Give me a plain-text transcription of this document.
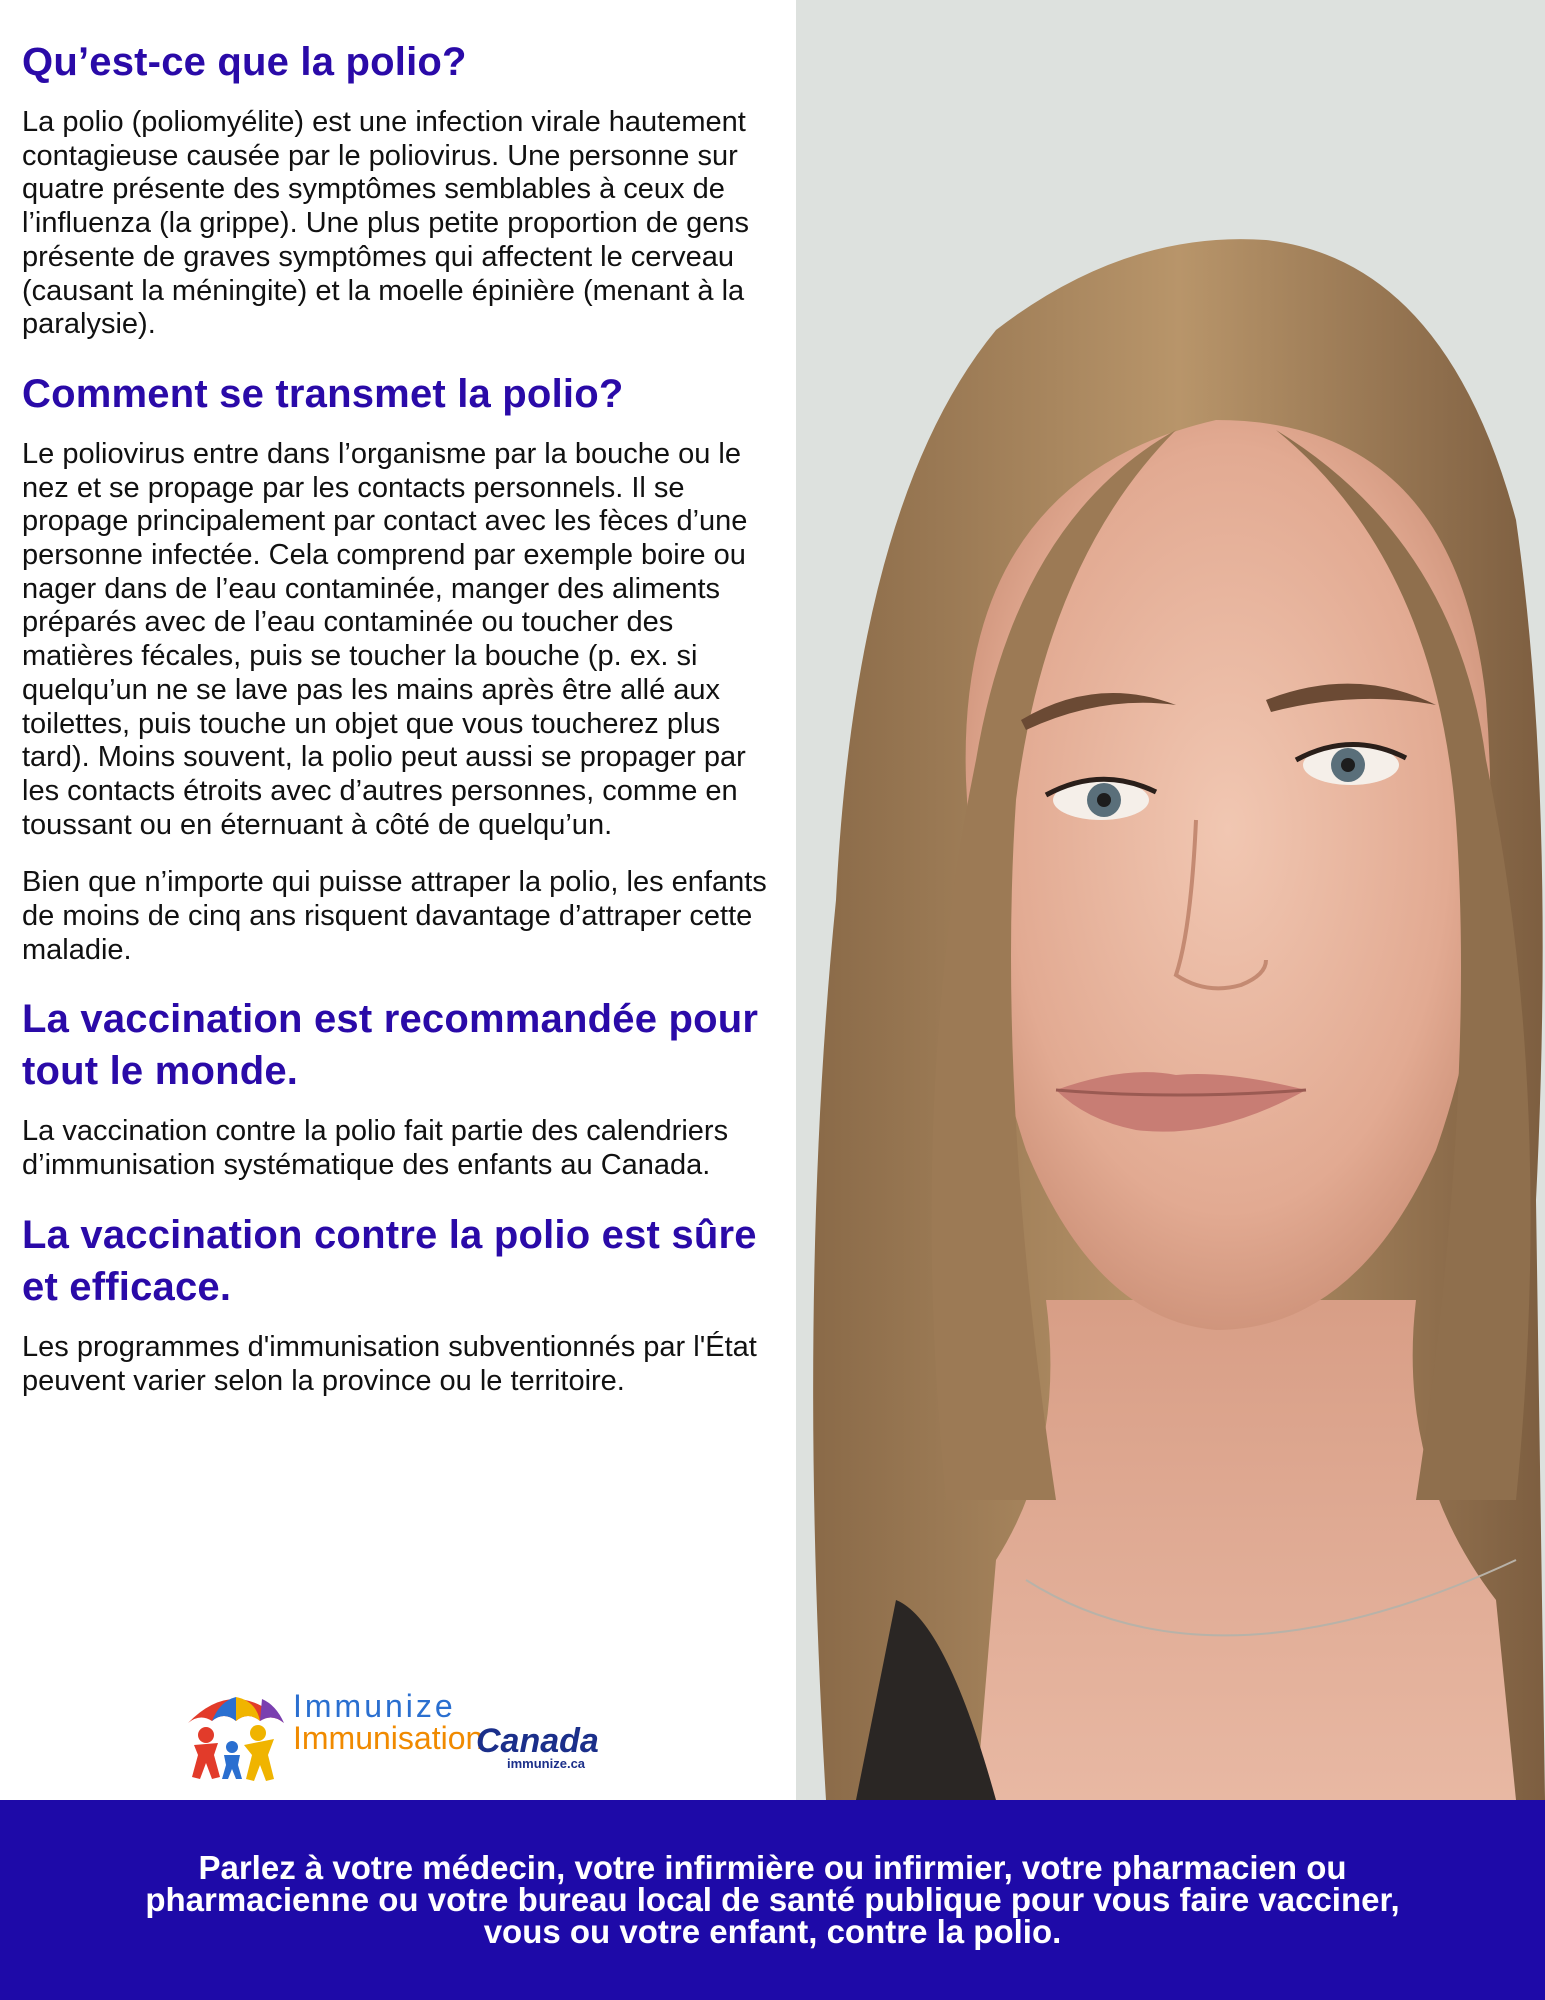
Qu’est-ce que la polio?

La polio (poliomyélite) est une infection virale hautement contagieuse causée par le poliovirus. Une personne sur quatre présente des symptômes semblables à ceux de l’influenza (la grippe). Une plus petite proportion de gens présente de graves symptômes qui affectent le cerveau (causant la méningite) et la moelle épinière (menant à la paralysie).

Comment se transmet la polio?

Le poliovirus entre dans l’organisme par la bouche ou le nez et se propage par les contacts personnels. Il se propage principalement par contact avec les fèces d’une personne infectée. Cela comprend par exemple boire ou nager dans de l’eau contaminée, manger des aliments préparés avec de l’eau contaminée ou toucher des matières fécales, puis se toucher la bouche (p. ex. si quelqu’un ne se lave pas les mains après être allé aux toilettes, puis touche un objet que vous toucherez plus tard). Moins souvent, la polio peut aussi se propager par les contacts étroits avec d’autres personnes, comme en toussant ou en éternuant à côté de quelqu’un.

Bien que n’importe qui puisse attraper la polio, les enfants de moins de cinq ans risquent davantage d’attraper cette maladie.

La vaccination est recommandée pour tout le monde.

La vaccination contre la polio fait partie des calendriers d’immunisation systématique des enfants au Canada.

La vaccination contre la polio est sûre et efficace.

Les programmes d'immunisation subventionnés par l'État peuvent varier selon la province ou le territoire.

Immunize
Immunisation
Canada
immunize.ca

Parlez à votre médecin, votre infirmière ou infirmier, votre pharmacien ou pharmacienne ou votre bureau local de santé publique pour vous faire vacciner, vous ou votre enfant, contre la polio.
